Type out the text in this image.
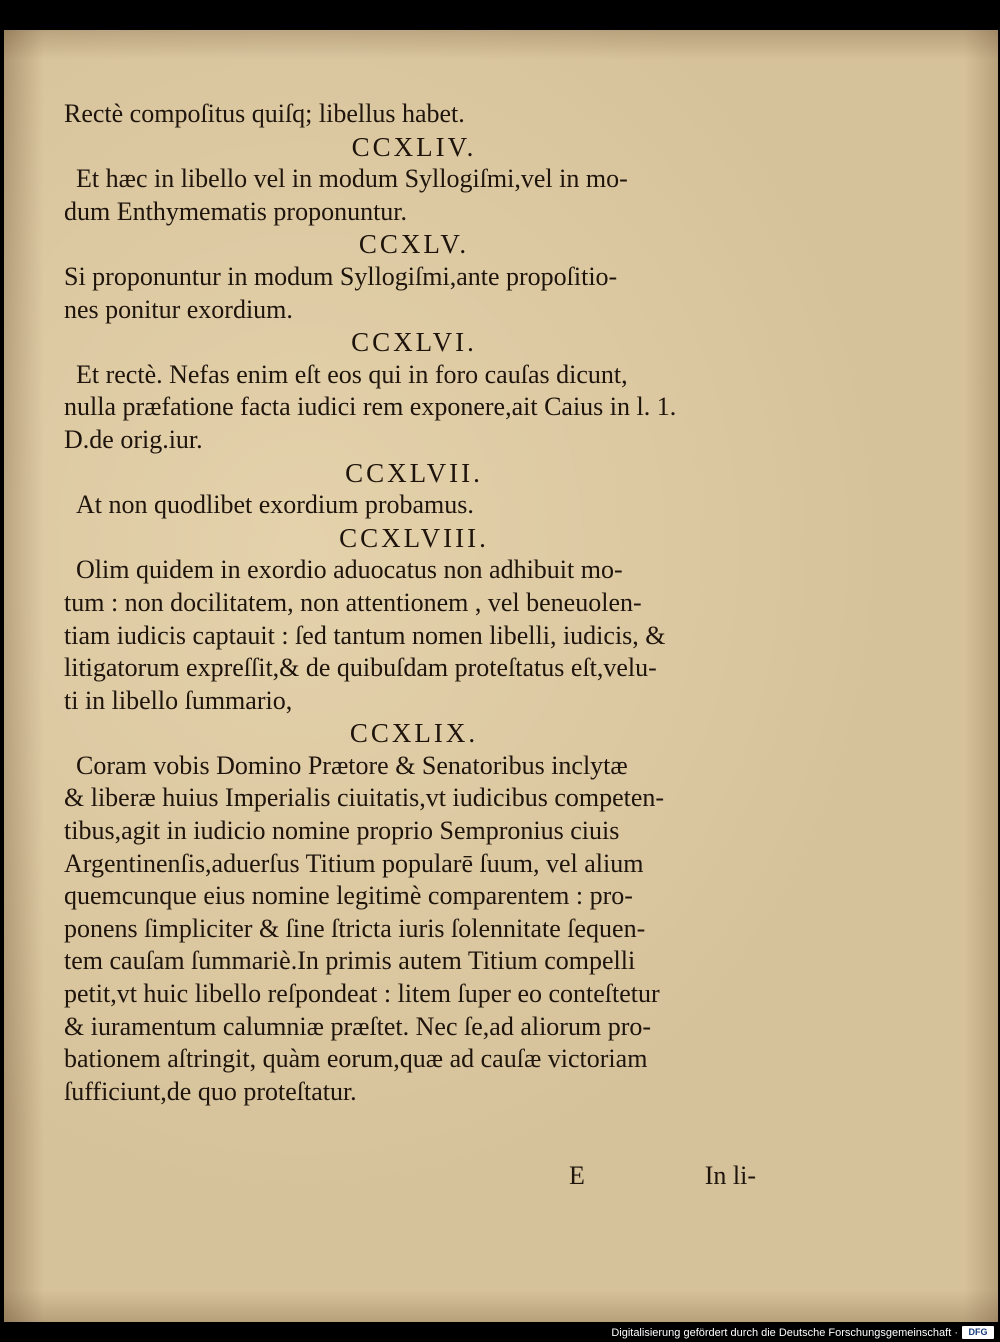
Rectè compoſitus quiſq; libellus habet.
CCXLIV.
Et hæc in libello vel in modum Syllogiſmi,vel in mo-
dum Enthymematis proponuntur.
CCXLV.
Si proponuntur in modum Syllogiſmi,ante propoſitio-
nes ponitur exordium.
CCXLVI.
Et rectè. Nefas enim eſt eos qui in foro cauſas dicunt,
nulla præfatione facta iudici rem exponere,ait Caius in l. 1.
D.de orig.iur.
CCXLVII.
At non quodlibet exordium probamus.
CCXLVIII.
Olim quidem in exordio aduocatus non adhibuit mo-
tum : non docilitatem, non attentionem , vel beneuolen-
tiam iudicis captauit : ſed tantum nomen libelli, iudicis, &
litigatorum expreſſit,& de quibuſdam proteſtatus eſt,velu-
ti in libello ſummario,
CCXLIX.
Coram vobis Domino Prætore & Senatoribus inclytæ
& liberæ huius Imperialis ciuitatis,vt iudicibus competen-
tibus,agit in iudicio nomine proprio Sempronius ciuis
Argentinenſis,aduerſus Titium popularē ſuum, vel alium
quemcunque eius nomine legitimè comparentem : pro-
ponens ſimpliciter & ſine ſtricta iuris ſolennitate ſequen-
tem cauſam ſummariè.In primis autem Titium compelli
petit,vt huic libello reſpondeat : litem ſuper eo conteſtetur
& iuramentum calumniæ præſtet. Nec ſe,ad aliorum pro-
bationem aſtringit, quàm eorum,quæ ad cauſæ victoriam
ſufficiunt,de quo proteſtatur.
E	In li-
Digitalisierung gefördert durch die Deutsche Forschungsgemeinschaft ·	DFG
